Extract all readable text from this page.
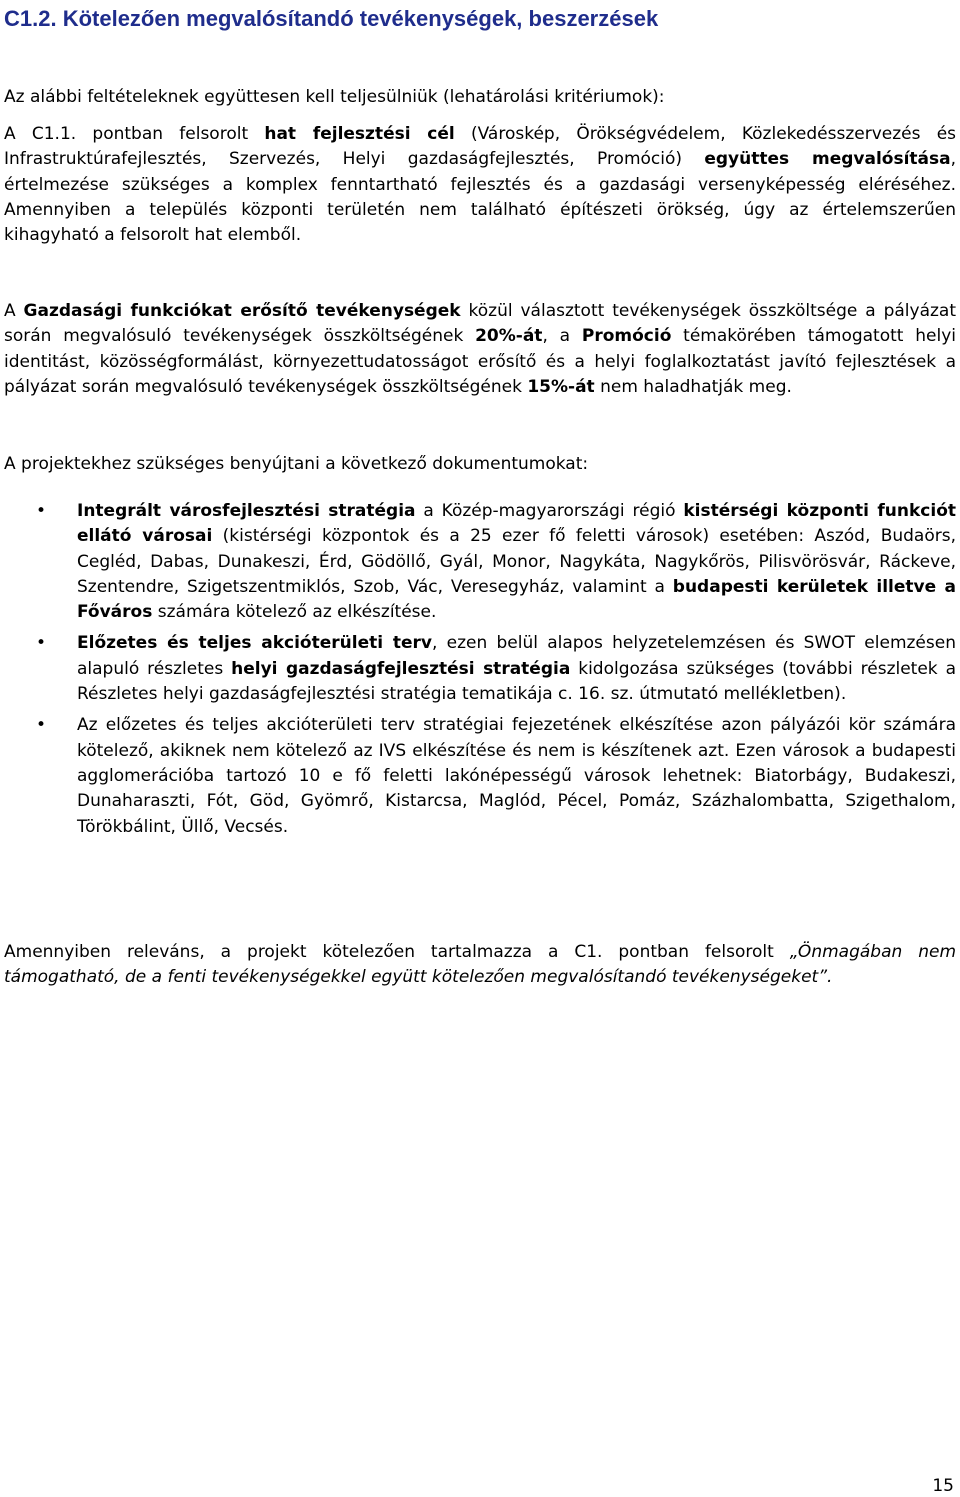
C1.2. Kötelezően megvalósítandó tevékenységek, beszerzések

Az alábbi feltételeknek együttesen kell teljesülniük (lehatárolási kritériumok):

A C1.1. pontban felsorolt hat fejlesztési cél (Városkép, Örökségvédelem, Közlekedésszervezés és Infrastruktúrafejlesztés, Szervezés, Helyi gazdaságfejlesztés, Promóció) együttes megvalósítása, értelmezése szükséges a komplex fenntartható fejlesztés és a gazdasági versenyképesség eléréséhez. Amennyiben a település központi területén nem található építészeti örökség, úgy az értelemszerűen kihagyható a felsorolt hat elemből.

A Gazdasági funkciókat erősítő tevékenységek közül választott tevékenységek összköltsége a pályázat során megvalósuló tevékenységek összköltségének 20%-át, a Promóció témakörében támogatott helyi identitást, közösségformálást, környezettudatosságot erősítő és a helyi foglalkoztatást javító fejlesztések a pályázat során megvalósuló tevékenységek összköltségének 15%-át nem haladhatják meg.

A projektekhez szükséges benyújtani a következő dokumentumokat:

• Integrált városfejlesztési stratégia a Közép-magyarországi régió kistérségi központi funkciót ellátó városai (kistérségi központok és a 25 ezer fő feletti városok) esetében: Aszód, Budaörs, Cegléd, Dabas, Dunakeszi, Érd, Gödöllő, Gyál, Monor, Nagykáta, Nagykőrös, Pilisvörösvár, Ráckeve, Szentendre, Szigetszentmiklós, Szob, Vác, Veresegyház, valamint a budapesti kerületek illetve a Főváros számára kötelező az elkészítése.
• Előzetes és teljes akcióterületi terv, ezen belül alapos helyzetelemzésen és SWOT elemzésen alapuló részletes helyi gazdaságfejlesztési stratégia kidolgozása szükséges (további részletek a Részletes helyi gazdaságfejlesztési stratégia tematikája c. 16. sz. útmutató mellékletben).
• Az előzetes és teljes akcióterületi terv stratégiai fejezetének elkészítése azon pályázói kör számára kötelező, akiknek nem kötelező az IVS elkészítése és nem is készítenek azt. Ezen városok a budapesti agglomerációba tartozó 10 e fő feletti lakónépességű városok lehetnek: Biatorbágy, Budakeszi, Dunaharaszti, Fót, Göd, Gyömrő, Kistarcsa, Maglód, Pécel, Pomáz, Százhalombatta, Szigethalom, Törökbálint, Üllő, Vecsés.

Amennyiben releváns, a projekt kötelezően tartalmazza a C1. pontban felsorolt „Önmagában nem támogatható, de a fenti tevékenységekkel együtt kötelezően megvalósítandó tevékenységeket”.

15
